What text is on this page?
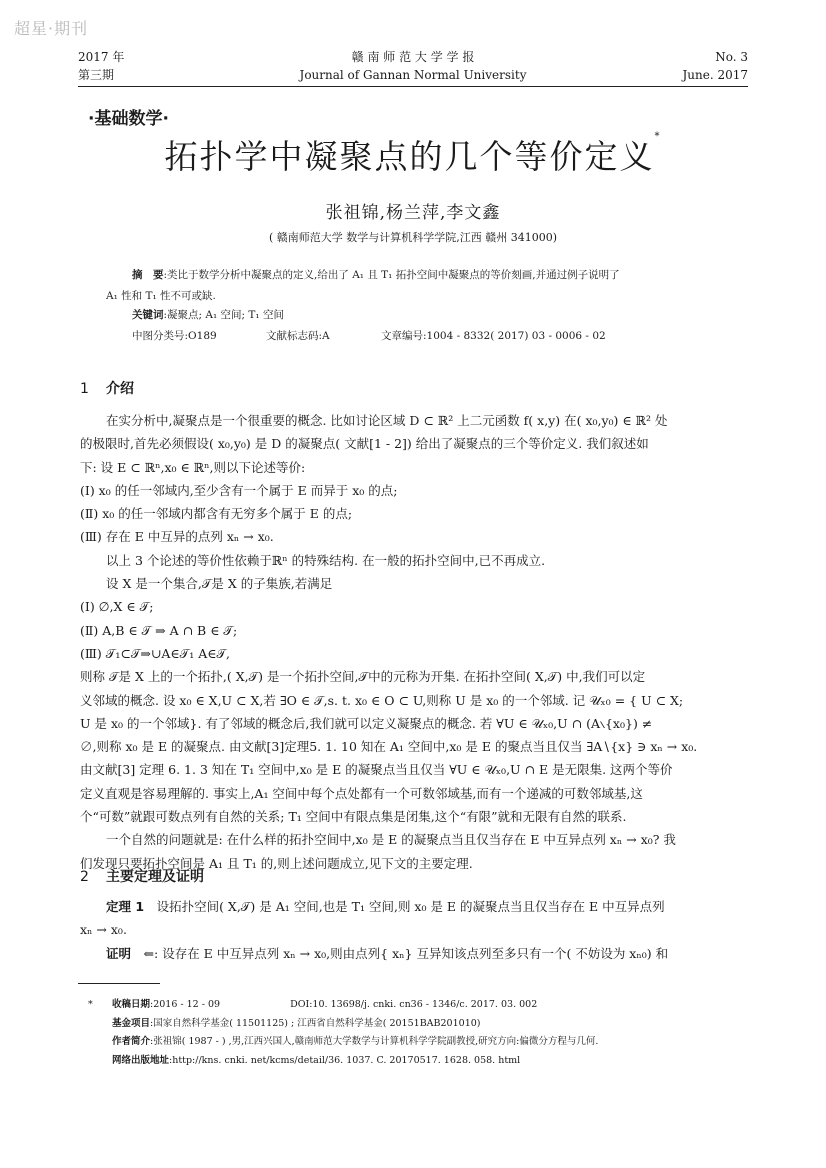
超星·期刊
2017 年
第三期
赣 南 师 范 大 学 学 报
Journal of Gannan Normal University
No. 3
June. 2017
·基础数学·
拓扑学中凝聚点的几个等价定义*
张祖锦,杨兰萍,李文鑫
( 赣南师范大学 数学与计算机科学学院,江西 赣州 341000)
摘　要:类比于数学分析中凝聚点的定义,给出了 A₁ 且 T₁ 拓扑空间中凝聚点的等价刻画,并通过例子说明了
A₁ 性和 T₁ 性不可或缺.
关键词:凝聚点; A₁ 空间; T₁ 空间
中图分类号:O189	文献标志码:A	文章编号:1004 - 8332( 2017) 03 - 0006 - 02
1 介绍
在实分析中,凝聚点是一个很重要的概念. 比如讨论区域 D ⊂ ℝ² 上二元函数 f( x,y) 在( x₀,y₀) ∈ ℝ² 处
的极限时,首先必须假设( x₀,y₀) 是 D 的凝聚点( 文献[1 - 2]) 给出了凝聚点的三个等价定义. 我们叙述如
下: 设 E ⊂ ℝⁿ,x₀ ∈ ℝⁿ,则以下论述等价:
(Ⅰ) x₀ 的任一邻域内,至少含有一个属于 E 而异于 x₀ 的点;
(Ⅱ) x₀ 的任一邻域内都含有无穷多个属于 E 的点;
(Ⅲ) 存在 E 中互异的点列 xₙ → x₀.
以上 3 个论述的等价性依赖于ℝⁿ 的特殊结构. 在一般的拓扑空间中,已不再成立.
设 X 是一个集合,𝒯是 X 的子集族,若满足
(Ⅰ) ∅,X ∈ 𝒯;
(Ⅱ) A,B ∈ 𝒯 ⇒ A ∩ B ∈ 𝒯;
(Ⅲ) 𝒯₁⊂𝒯⇒∪A∈𝒯₁ A∈𝒯,
则称 𝒯是 X 上的一个拓扑,( X,𝒯) 是一个拓扑空间,𝒯中的元称为开集. 在拓扑空间( X,𝒯) 中,我们可以定
义邻域的概念. 设 x₀ ∈ X,U ⊂ X,若 ∃O ∈ 𝒯,s. t. x₀ ∈ O ⊂ U,则称 U 是 x₀ 的一个邻域. 记 𝒰ₓ₀ = { U ⊂ X;
U 是 x₀ 的一个邻域}. 有了邻域的概念后,我们就可以定义凝聚点的概念. 若 ∀U ∈ 𝒰ₓ₀,U ∩ (A∖{x₀}) ≠
∅,则称 x₀ 是 E 的凝聚点. 由文献[3]定理5. 1. 10 知在 A₁ 空间中,x₀ 是 E 的聚点当且仅当 ∃A∖{x} ∋ xₙ → x₀.
由文献[3] 定理 6. 1. 3 知在 T₁ 空间中,x₀ 是 E 的凝聚点当且仅当 ∀U ∈ 𝒰ₓ₀,U ∩ E 是无限集. 这两个等价
定义直观是容易理解的. 事实上,A₁ 空间中每个点处都有一个可数邻域基,而有一个递减的可数邻域基,这
个“可数”就跟可数点列有自然的关系; T₁ 空间中有限点集是闭集,这个“有限”就和无限有自然的联系.
一个自然的问题就是: 在什么样的拓扑空间中,x₀ 是 E 的凝聚点当且仅当存在 E 中互异点列 xₙ → x₀? 我
们发现只要拓扑空间是 A₁ 且 T₁ 的,则上述问题成立,见下文的主要定理.
2 主要定理及证明
定理 1　 设拓扑空间( X,𝒯) 是 A₁ 空间,也是 T₁ 空间,则 x₀ 是 E 的凝聚点当且仅当存在 E 中互异点列
xₙ → x₀.
证明　 ⇐: 设存在 E 中互异点列 xₙ → x₀,则由点列{ xₙ} 互异知该点列至多只有一个( 不妨设为 xₙ₀) 和
* 收稿日期:2016 - 12 - 09	DOI:10. 13698/j. cnki. cn36 - 1346/c. 2017. 03. 002
基金项目:国家自然科学基金( 11501125) ; 江西省自然科学基金( 20151BAB201010)
作者简介:张祖锦( 1987 - ) ,男,江西兴国人,赣南师范大学数学与计算机科学学院副教授,研究方向:偏微分方程与几何.
网络出版地址:http://kns. cnki. net/kcms/detail/36. 1037. C. 20170517. 1628. 058. html
